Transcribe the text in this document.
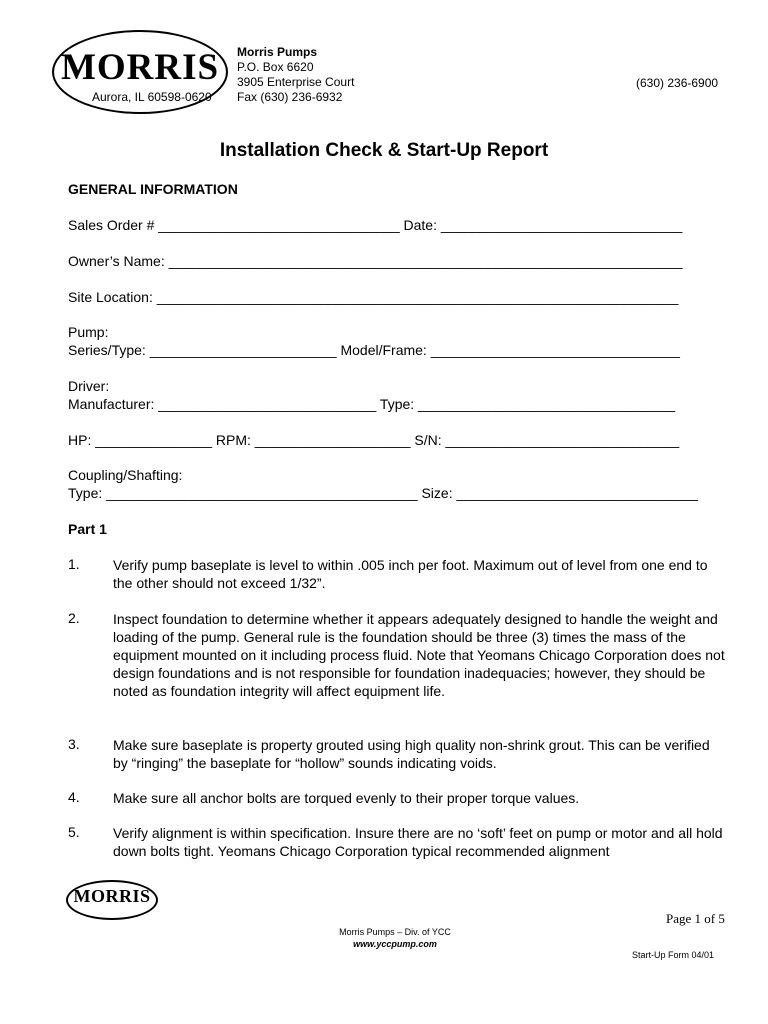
MORRIS
Aurora, IL 60598-0620
Morris Pumps
P.O. Box 6620
3905 Enterprise Court
Fax (630) 236-6932
(630) 236-6900
Installation Check & Start-Up Report
GENERAL INFORMATION
Sales Order # _______________________________ Date: _______________________________
Owner’s Name: __________________________________________________________________
Site Location: ___________________________________________________________________
Pump:
Series/Type: ________________________ Model/Frame: ________________________________
Driver:
Manufacturer: ____________________________ Type: _________________________________
HP: _______________ RPM: ____________________ S/N: ______________________________
Coupling/Shafting:
Type: ________________________________________ Size: _______________________________
Part 1
1. Verify pump baseplate is level to within .005 inch per foot. Maximum out of level from one end to the other should not exceed 1/32”.
2. Inspect foundation to determine whether it appears adequately designed to handle the weight and loading of the pump. General rule is the foundation should be three (3) times the mass of the equipment mounted on it including process fluid. Note that Yeomans Chicago Corporation does not design foundations and is not responsible for foundation inadequacies; however, they should be noted as foundation integrity will affect equipment life.
3. Make sure baseplate is property grouted using high quality non-shrink grout. This can be verified by “ringing” the baseplate for “hollow” sounds indicating voids.
4. Make sure all anchor bolts are torqued evenly to their proper torque values.
5. Verify alignment is within specification. Insure there are no ‘soft’ feet on pump or motor and all hold down bolts tight. Yeomans Chicago Corporation typical recommended alignment
MORRIS
Morris Pumps – Div. of YCC
www.yccpump.com
Page 1 of 5
Start-Up Form 04/01
